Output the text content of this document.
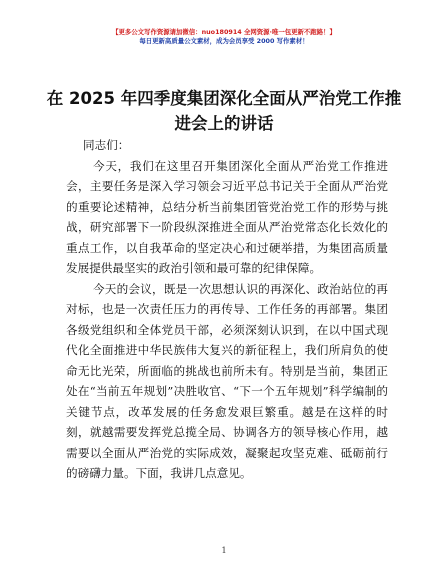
【更多公文写作资源请加微信：nuo180914 全网资源·唯一包更新不跑路！】
每日更新高质量公文素材，成为会员享受 2000 写作素材！
在 2025 年四季度集团深化全面从严治党工作推进会上的讲话

同志们：

今天，我们在这里召开集团深化全面从严治党工作推进会，主要任务是深入学习领会习近平总书记关于全面从严治党的重要论述精神，总结分析当前集团管党治党工作的形势与挑战，研究部署下一阶段纵深推进全面从严治党常态化长效化的重点工作，以自我革命的坚定决心和过硬举措，为集团高质量发展提供最坚实的政治引领和最可靠的纪律保障。

今天的会议，既是一次思想认识的再深化、政治站位的再对标，也是一次责任压力的再传导、工作任务的再部署。集团各级党组织和全体党员干部，必须深刻认识到，在以中国式现代化全面推进中华民族伟大复兴的新征程上，我们所肩负的使命无比光荣，所面临的挑战也前所未有。特别是当前，集团正处在“当前五年规划”决胜收官、“下一个五年规划”科学编制的关键节点，改革发展的任务愈发艰巨繁重。越是在这样的时刻，就越需要发挥党总揽全局、协调各方的领导核心作用，越需要以全面从严治党的实际成效，凝聚起攻坚克难、砥砺前行的磅礴力量。下面，我讲几点意见。

1
